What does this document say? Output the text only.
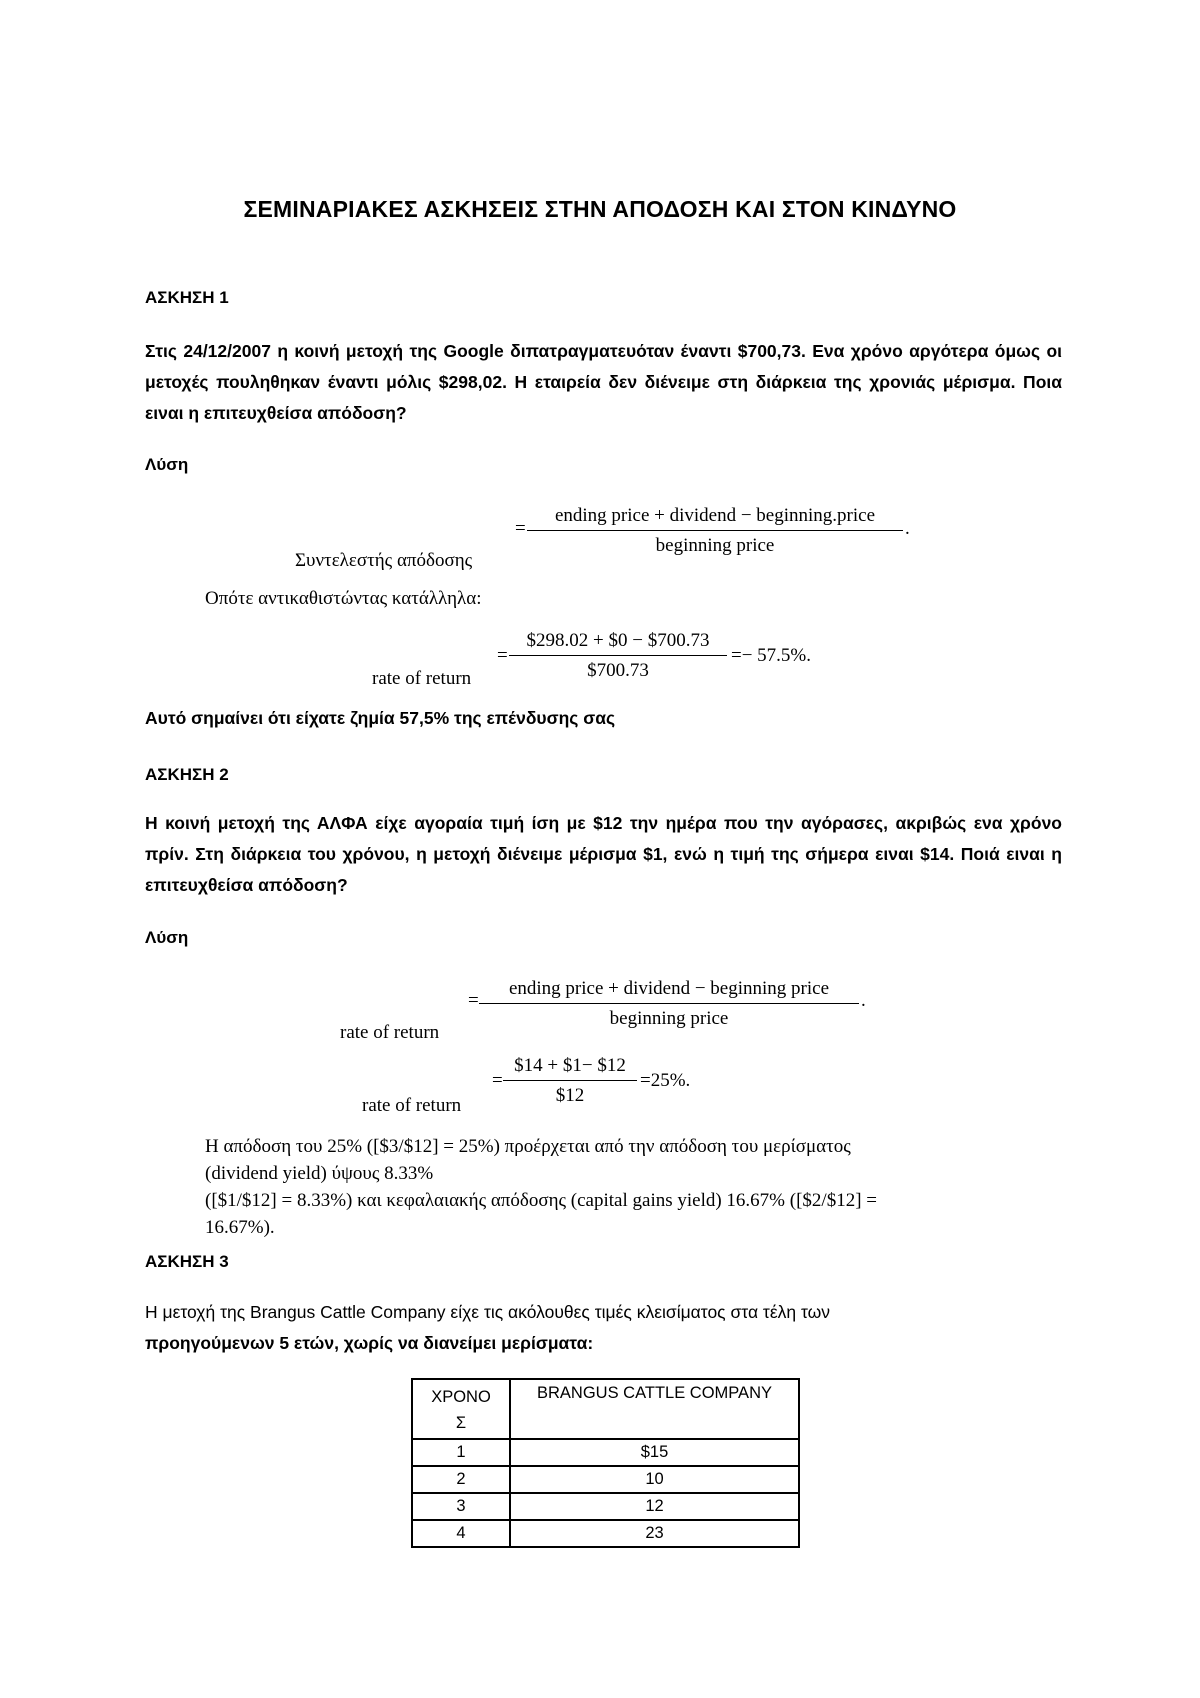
ΣΕΜΙΝΑΡΙΑΚΕΣ ΑΣΚΗΣΕΙΣ ΣΤΗΝ ΑΠΟΔΟΣΗ ΚΑΙ ΣΤΟΝ ΚΙΝΔΥΝΟ
ΑΣΚΗΣΗ 1
Στις 24/12/2007 η κοινή μετοχή της Google διπατραγματευόταν έναντι $700,73. Ενα χρόνο αργότερα όμως οι μετοχές πουληθηκαν έναντι μόλις $298,02. Η εταιρεία δεν διένειμε στη διάρκεια της χρονιάς μέρισμα. Ποια ειναι η επιτευχθείσα απόδοση?
Λύση
Συντελεστής απόδοσης
=
ending price + dividend − beginning.price
beginning price
.
Οπότε αντικαθιστώντας κατάλληλα:
rate of return
= $\frac{\$298.02 + \$0 - \$700.73}{\$700.73} =- 57.5\%$.
Αυτό σημαίνει ότι είχατε ζημία 57,5% της επένδυσης σας
ΑΣΚΗΣΗ 2
Η κοινή μετοχή της ΑΛΦΑ είχε αγοραία τιμή ίση με $12 την ημέρα που την αγόρασες, ακριβώς ενα χρόνο πρίν. Στη διάρκεια του χρόνου, η μετοχή διένειμε μέρισμα $1, ενώ η τιμή της σήμερα ειναι $14. Ποιά ειναι η επιτευχθείσα απόδοση?
Λύση
rate of return
=
ending price + dividend − beginning price
beginning price
.
rate of return
= $\frac{\$14 + \$1- \$12}{\$12} =25\%$.
Η απόδοση του 25% ([$3/$12] = 25%) προέρχεται από την απόδοση του μερίσματος
(dividend yield) ύψους 8.33%
([$1/$12] = 8.33%) και κεφαλαιακής απόδοσης (capital gains yield) 16.67% ([$2/$12] =
16.67%).
ΑΣΚΗΣΗ 3
Η μετοχή της Brangus Cattle Company είχε τις ακόλουθες τιμές κλεισίματος στα τέλη των
προηγούμενων 5 ετών, χωρίς να διανείμει μερίσματα:
ΧΡΟΝΟ
Σ	BRANGUS CATTLE COMPANY
1	$15
2	10
3	12
4	23
